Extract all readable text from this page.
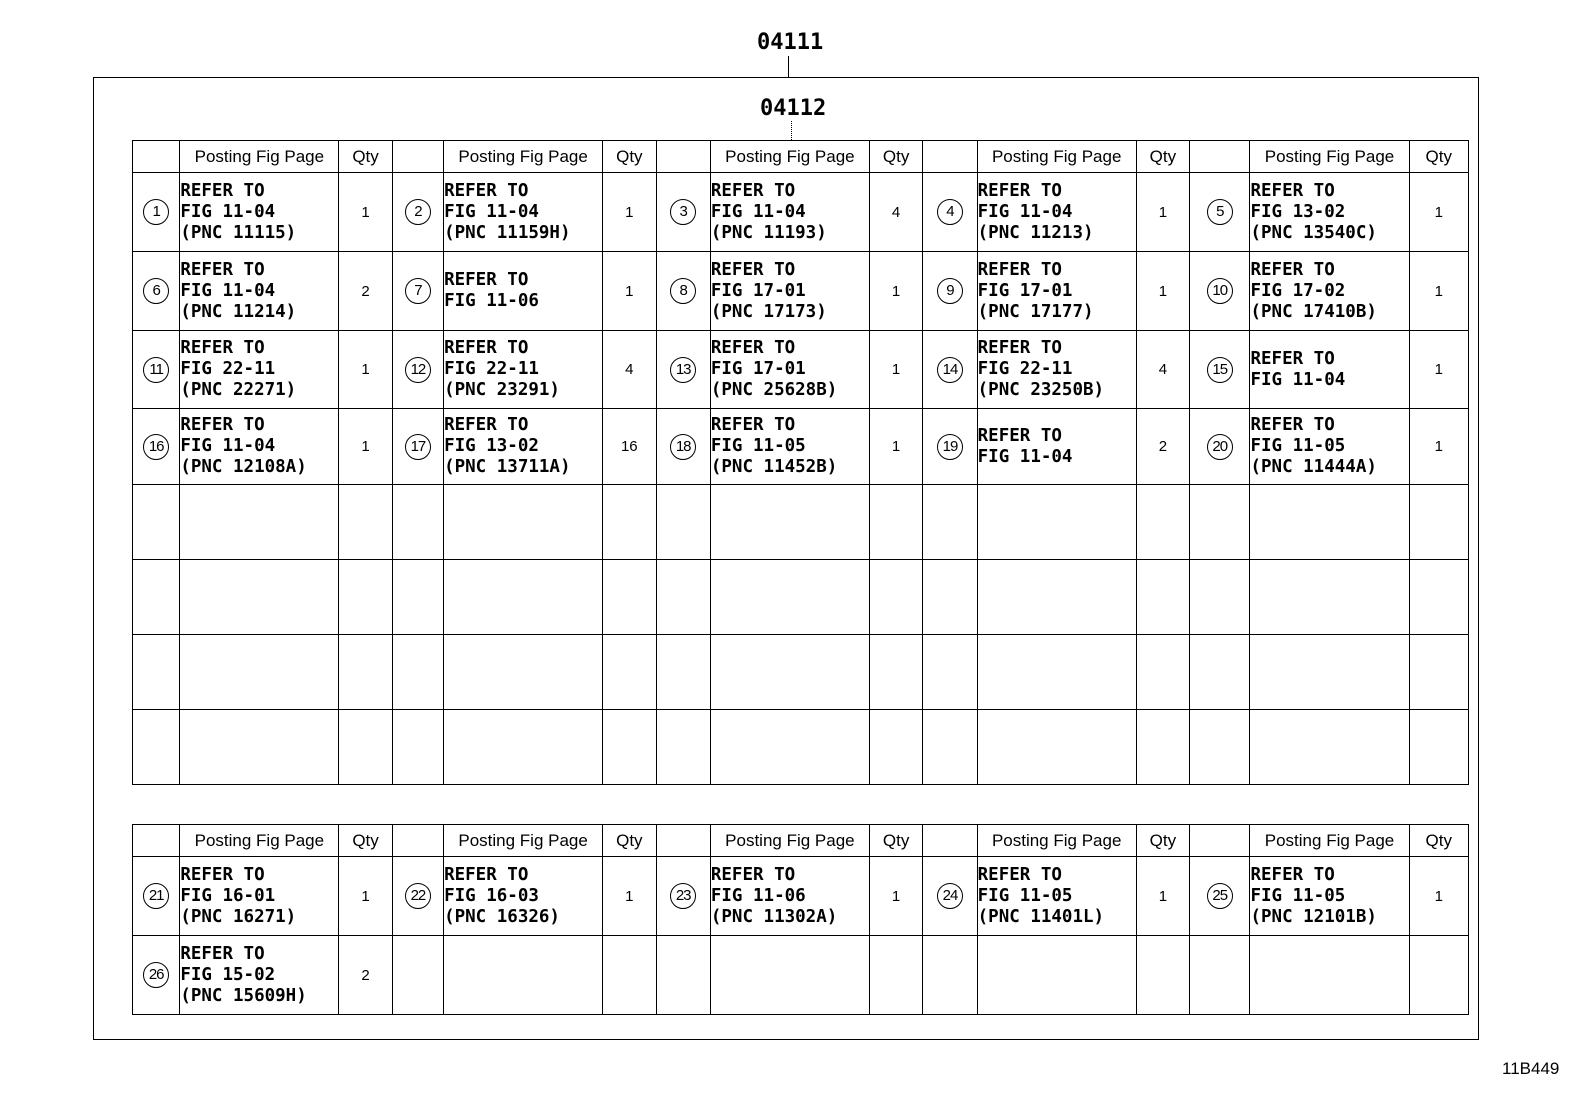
04111
04112
	Posting Fig Page	Qty		Posting Fig Page	Qty		Posting Fig Page	Qty		Posting Fig Page	Qty		Posting Fig Page	Qty
1	REFER TO
FIG 11-04
(PNC 11115)	1	2	REFER TO
FIG 11-04
(PNC 11159H)	1	3	REFER TO
FIG 11-04
(PNC 11193)	4	4	REFER TO
FIG 11-04
(PNC 11213)	1	5	REFER TO
FIG 13-02
(PNC 13540C)	1
6	REFER TO
FIG 11-04
(PNC 11214)	2	7	REFER TO
FIG 11-06	1	8	REFER TO
FIG 17-01
(PNC 17173)	1	9	REFER TO
FIG 17-01
(PNC 17177)	1	10	REFER TO
FIG 17-02
(PNC 17410B)	1
11	REFER TO
FIG 22-11
(PNC 22271)	1	12	REFER TO
FIG 22-11
(PNC 23291)	4	13	REFER TO
FIG 17-01
(PNC 25628B)	1	14	REFER TO
FIG 22-11
(PNC 23250B)	4	15	REFER TO
FIG 11-04	1
16	REFER TO
FIG 11-04
(PNC 12108A)	1	17	REFER TO
FIG 13-02
(PNC 13711A)	16	18	REFER TO
FIG 11-05
(PNC 11452B)	1	19	REFER TO
FIG 11-04	2	20	REFER TO
FIG 11-05
(PNC 11444A)	1

	Posting Fig Page	Qty		Posting Fig Page	Qty		Posting Fig Page	Qty		Posting Fig Page	Qty		Posting Fig Page	Qty
21	REFER TO
FIG 16-01
(PNC 16271)	1	22	REFER TO
FIG 16-03
(PNC 16326)	1	23	REFER TO
FIG 11-06
(PNC 11302A)	1	24	REFER TO
FIG 11-05
(PNC 11401L)	1	25	REFER TO
FIG 11-05
(PNC 12101B)	1
26	REFER TO
FIG 15-02
(PNC 15609H)	2												
11B449
